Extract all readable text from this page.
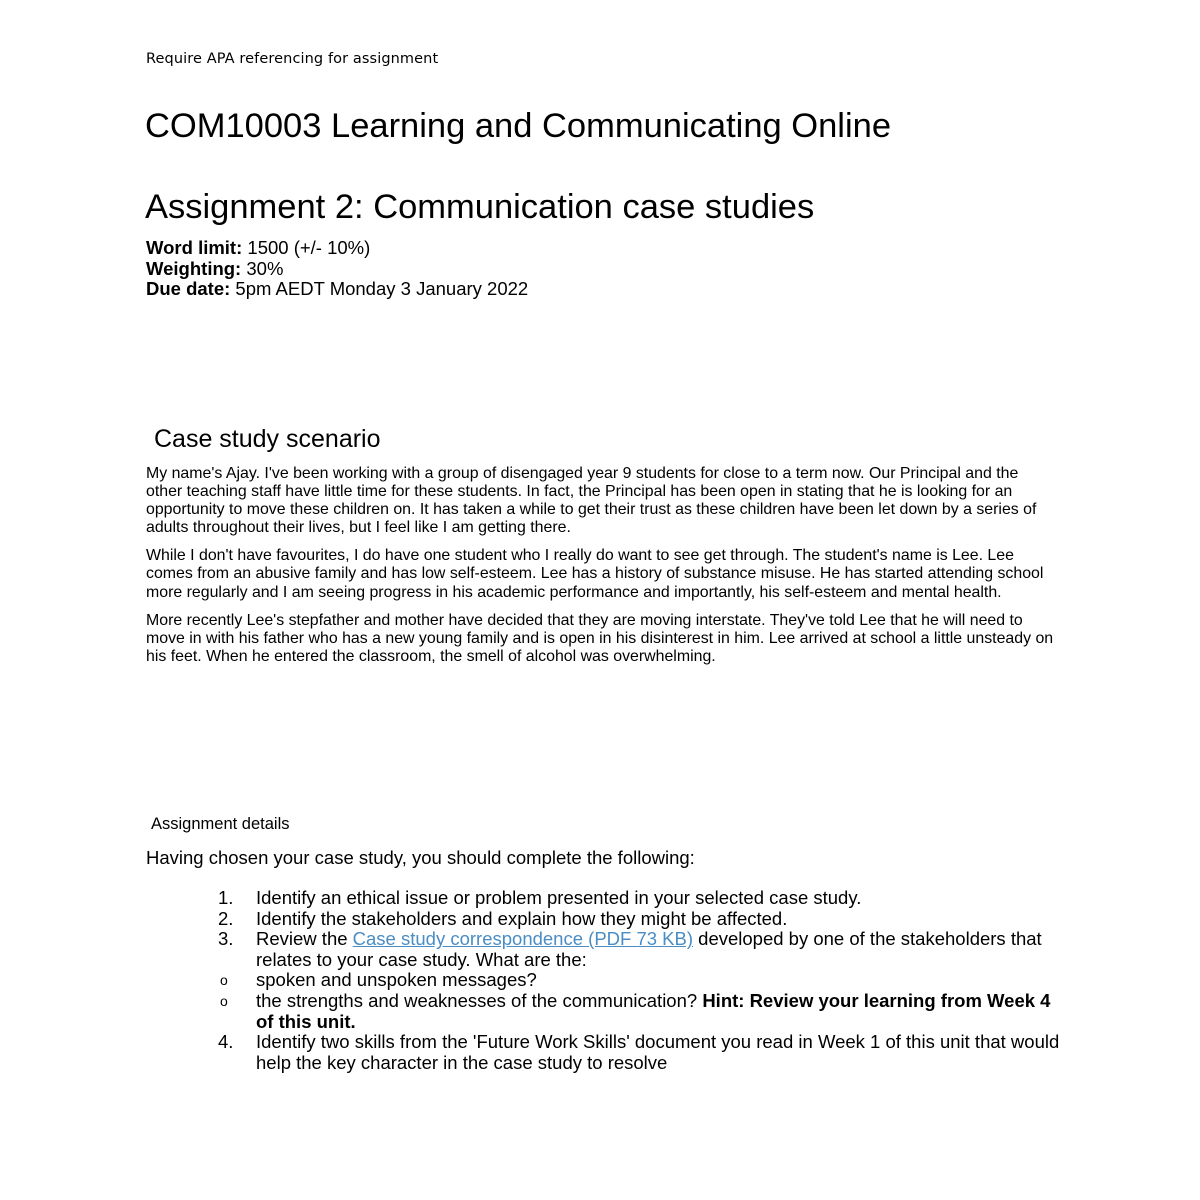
Require APA referencing for assignment
COM10003 Learning and Communicating Online
Assignment 2: Communication case studies
Word limit: 1500 (+/- 10%)
Weighting: 30%
Due date: 5pm AEDT Monday 3 January 2022
Case study scenario

My name's Ajay. I've been working with a group of disengaged year 9 students for close to a term now. Our Principal and the other teaching staff have little time for these students. In fact, the Principal has been open in stating that he is looking for an opportunity to move these children on. It has taken a while to get their trust as these children have been let down by a series of adults throughout their lives, but I feel like I am getting there.

While I don't have favourites, I do have one student who I really do want to see get through. The student's name is Lee. Lee comes from an abusive family and has low self-esteem. Lee has a history of substance misuse. He has started attending school more regularly and I am seeing progress in his academic performance and importantly, his self-esteem and mental health.

More recently Lee's stepfather and mother have decided that they are moving interstate. They've told Lee that he will need to move in with his father who has a new young family and is open in his disinterest in him. Lee arrived at school a little unsteady on his feet. When he entered the classroom, the smell of alcohol was overwhelming.

Assignment details

Having chosen your case study, you should complete the following:

1. Identify an ethical issue or problem presented in your selected case study.
2. Identify the stakeholders and explain how they might be affected.
3. Review the Case study correspondence (PDF 73 KB) developed by one of the stakeholders that relates to your case study. What are the:
o spoken and unspoken messages?
o the strengths and weaknesses of the communication? Hint: Review your learning from Week 4 of this unit.
4. Identify two skills from the 'Future Work Skills' document you read in Week 1 of this unit that would help the key character in the case study to resolve
